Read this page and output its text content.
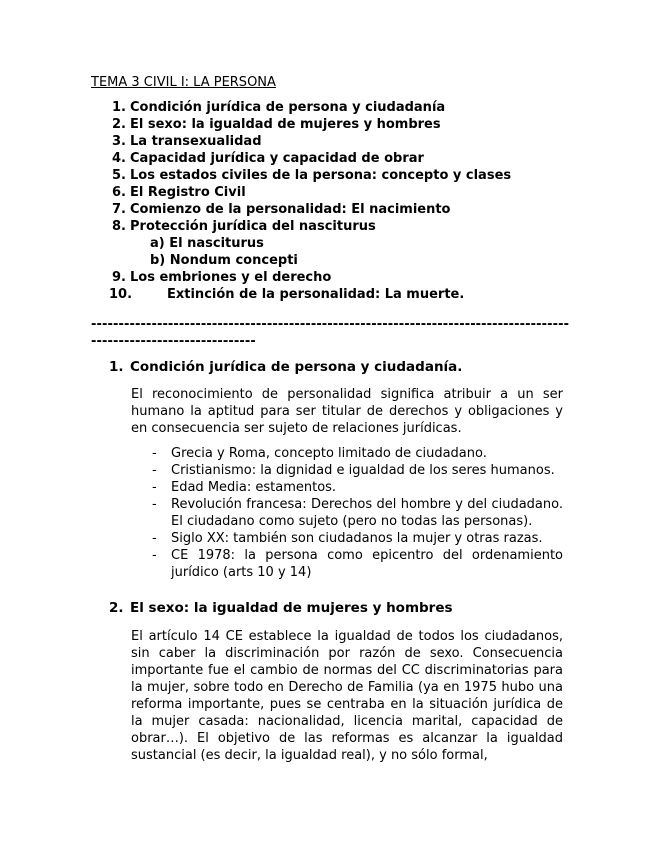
TEMA 3 CIVIL I: LA PERSONA
1. Condición jurídica de persona y ciudadanía
2. El sexo: la igualdad de mujeres y hombres
3. La transexualidad
4. Capacidad jurídica y capacidad de obrar
5. Los estados civiles de la persona: concepto y clases
6. El Registro Civil
7. Comienzo de la personalidad: El nacimiento
8. Protección jurídica del nasciturus
a) El nasciturus
b) Nondum concepti
9. Los embriones y el derecho
10.	Extinción de la personalidad: La muerte.
---------------------------------------------------------------------------------------------------------------------
1. Condición jurídica de persona y ciudadanía.
El reconocimiento de personalidad significa atribuir a un ser humano la aptitud para ser titular de derechos y obligaciones y en consecuencia ser sujeto de relaciones jurídicas.
- Grecia y Roma, concepto limitado de ciudadano.
- Cristianismo: la dignidad e igualdad de los seres humanos.
- Edad Media: estamentos.
- Revolución francesa: Derechos del hombre y del ciudadano. El ciudadano como sujeto (pero no todas las personas).
- Siglo XX: también son ciudadanos la mujer y otras razas.
- CE 1978: la persona como epicentro del ordenamiento jurídico (arts 10 y 14)
2. El sexo: la igualdad de mujeres y hombres
El artículo 14 CE establece la igualdad de todos los ciudadanos, sin caber la discriminación por razón de sexo. Consecuencia importante fue el cambio de normas del CC discriminatorias para la mujer, sobre todo en Derecho de Familia (ya en 1975 hubo una reforma importante, pues se centraba en la situación jurídica de la mujer casada: nacionalidad, licencia marital, capacidad de obrar…). El objetivo de las reformas es alcanzar la igualdad sustancial (es decir, la igualdad real), y no sólo formal,
